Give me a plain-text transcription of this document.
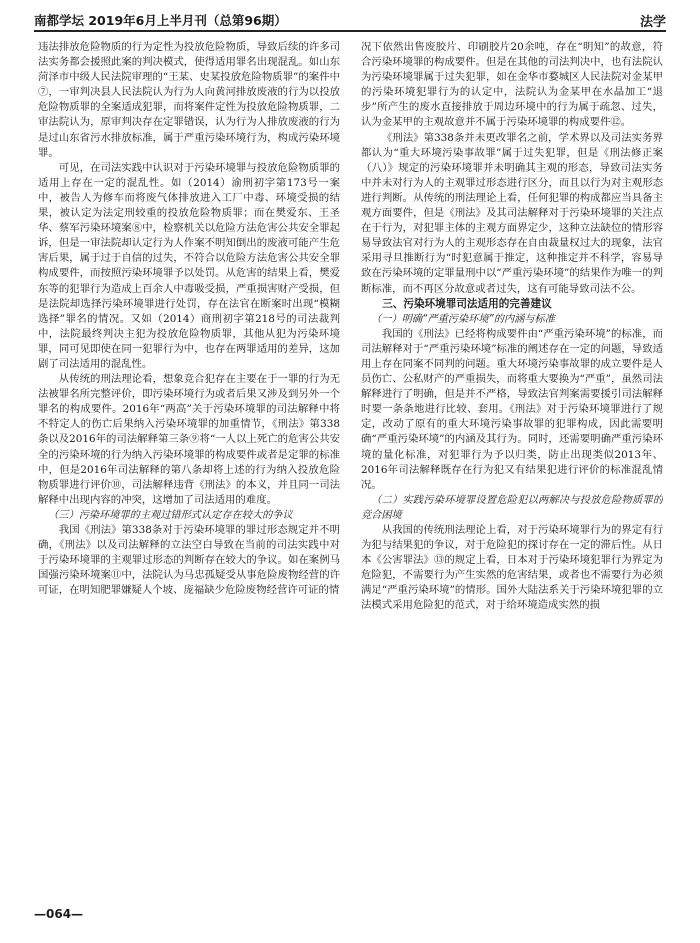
南都学坛 2019年6月上半月刊（总第96期）	法学

违法排放危险物质的行为定性为投放危险物质，导致后续的许多司法实务都会援照此案的判决模式，使得适用罪名出现混乱。如山东菏泽市中级人民法院审理的“王某、史某投放危险物质罪”的案件中⑦，一审判决县人民法院认为行为人向黄河排放废液的行为以投放危险物质罪的全案适成犯罪，而将案件定性为投放危险物质罪，二审法院认为，原审判决存在定罪错误，认为行为人排放废液的行为是过山东省污水排放标准，属于严重污染环境行为，构成污染环境罪。

可见，在司法实践中认识对于污染环境罪与投放危险物质罪的适用上存在一定的混乱性。如（2014）渝刑初字第173号一案中，被告人为修车而将废气体排放进入工厂中毒、环境受损的结果，被认定为法定刑较重的投放危险物质罪；而在樊爱东、王圣华、蔡军污染环境案⑧中，检察机关以危险方法危害公共安全罪起诉，但是一审法院却认定行为人作案不明知倒出的废液可能产生危害后果，属于过于自信的过失，不符合以危险方法危害公共安全罪构成要件，而按照污染环境罪予以处罚。从危害的结果上看，樊爱东等的犯罪行为造成上百余人中毒吸受损，严重损害财产受损，但是法院却选择污染环境罪进行处罚，存在法官在断案时出现“模糊选择”罪名的情况。又如（2014）商刑初字第218号的司法裁判中，法院最终判决主犯为投放危险物质罪，其他从犯为污染环境罪，同可见即使在同一犯罪行为中，也存在两罪适用的差异，这加剧了司法适用的混乱性。

从传统的刑法理论看，想象竞合犯存在主要在于一罪的行为无法被罪名所完整评价，即污染环境行为或者后果又涉及到另外一个罪名的构成要件。2016年“两高”关于污染环境罪的司法解释中将不特定人的伤亡后果纳入污染环境罪的加重情节，《刑法》第338条以及2016年的司法解释第三条⑨将“一人以上死亡的危害公共安全的污染环境的行为纳入污染环境罪的构成要件或者是定罪的标准中，但是2016年司法解释的第八条却将上述的行为纳入投放危险物质罪进行评价⑩，司法解释违背《刑法》的本义，并且同一司法解释中出现内容的冲突，这增加了司法适用的难度。

（三）污染环境罪的主观过错形式认定存在较大的争议

我国《刑法》第338条对于污染环境罪的罪过形态规定并不明确，《刑法》以及司法解释的立法空白导致在当前的司法实践中对于污染环境罪的主观罪过形态的判断存在较大的争议。如在案例马国强污染环境案⑪中，法院认为马忠孤疑受从事危险废物经营的许可证，在明知肥罪嫌疑人个坡、庞福缺少危险废物经营许可证的情

况下依然出售废胶片、印刷胶片20余吨，存在“明知”的故意，符合污染环境罪的构成要件。但是在其他的司法判决中，也有法院认为污染环境罪属于过失犯罪，如在金华市婺城区人民法院对金某甲的污染环境犯罪行为的认定中，法院认为金某甲在水晶加工“退步”所产生的废水直接排放于周边环境中的行为属于疏忽、过失，认为金某甲的主观故意并不属于污染环境罪的构成要件⑫。

《刑法》第338条并未更改罪名之前，学术界以及司法实务界都认为“重大环境污染事故罪”属于过失犯罪，但是《刑法修正案（八）》规定的污染环境罪并未明确其主观的形态，导致司法实务中并未对行为人的主观罪过形态进行区分，而且以行为对主观形态进行判断。从传统的刑法理论上看，任何犯罪的构成都应当具备主观方面要件，但是《刑法》及其司法解释对于污染环境罪的关注点在于行为，对犯罪主体的主观方面界定少，这种立法缺位的情形容易导致法官对行为人的主观形态存在自由裁量权过大的现象，法官采用寻旦推断行为“时犯意属于推定，这种推定并不科学，容易导致在污染环境的定罪量刑中以“严重污染环境”的结果作为唯一的判断标准，而不再区分故意或者过失，这有可能导致司法不公。

三、污染环境罪司法适用的完善建议

（一）明确“严重污染环境”的内涵与标准

我国的《刑法》已经将构成要件由“严重污染环境”的标准，而司法解释对于“严重污染环境”标准的阐述存在一定的问题，导致适用上存在同案不同判的问题。重大环境污染事故罪的成立要件是人员伤亡、公私财产的严重损失，而将重大要换为“严重”，虽然司法解释进行了明确，但是并不严格，导致法官判案需要援引司法解释时要一条条地进行比较、套用。《刑法》对于污染环境罪进行了规定，改动了原有的重大环境污染事故罪的犯罪构成，因此需要明确“严重污染环境”的内涵及其行为。同时，还需要明确严重污染环境的量化标准，对犯罪行为予以归类，防止出现类似2013年、2016年司法解释既存在行为犯又有结果犯进行评价的标准混乱情况。

（二）实践污染环境罪设置危险犯以两解决与投放危险物质罪的竞合困境

从我国的传统刑法理论上看，对于污染环境罪行为的界定有行为犯与结果犯的争议，对于危险犯的探讨存在一定的滞后性。从日本《公害罪法》⑬的规定上看，日本对于污染环境犯罪行为界定为危险犯，不需要行为产生实然的危害结果，或者也不需要行为必须满足“严重污染环境”的情形。国外大陆法系关于污染环境犯罪的立法模式采用危险犯的范式，对于给环境造成实然的损

—064—
